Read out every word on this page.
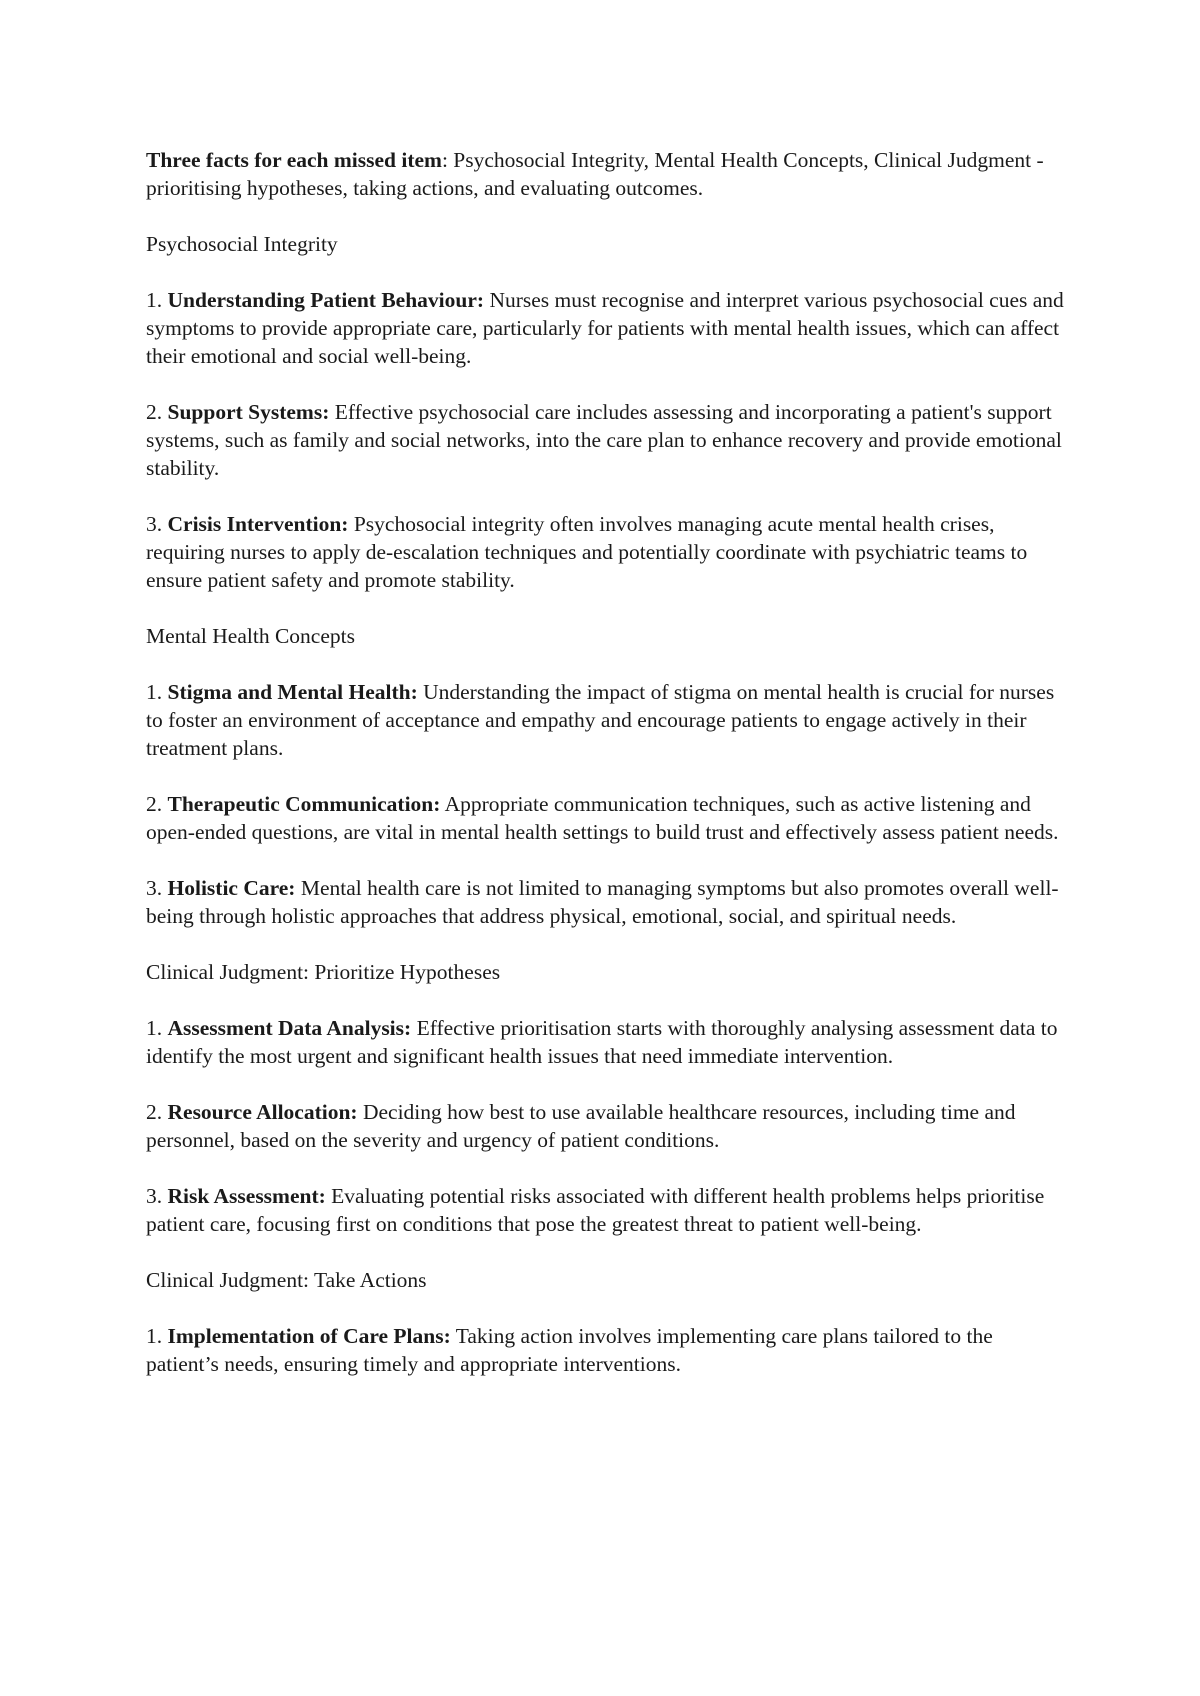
Three facts for each missed item: Psychosocial Integrity, Mental Health Concepts, Clinical Judgment - prioritising hypotheses, taking actions, and evaluating outcomes.

Psychosocial Integrity

1. Understanding Patient Behaviour: Nurses must recognise and interpret various psychosocial cues and symptoms to provide appropriate care, particularly for patients with mental health issues, which can affect their emotional and social well-being.

2. Support Systems: Effective psychosocial care includes assessing and incorporating a patient's support systems, such as family and social networks, into the care plan to enhance recovery and provide emotional stability.

3. Crisis Intervention: Psychosocial integrity often involves managing acute mental health crises, requiring nurses to apply de-escalation techniques and potentially coordinate with psychiatric teams to ensure patient safety and promote stability.

Mental Health Concepts

1. Stigma and Mental Health: Understanding the impact of stigma on mental health is crucial for nurses to foster an environment of acceptance and empathy and encourage patients to engage actively in their treatment plans.

2. Therapeutic Communication: Appropriate communication techniques, such as active listening and open-ended questions, are vital in mental health settings to build trust and effectively assess patient needs.

3. Holistic Care: Mental health care is not limited to managing symptoms but also promotes overall well-being through holistic approaches that address physical, emotional, social, and spiritual needs.

Clinical Judgment: Prioritize Hypotheses

1. Assessment Data Analysis: Effective prioritisation starts with thoroughly analysing assessment data to identify the most urgent and significant health issues that need immediate intervention.

2. Resource Allocation: Deciding how best to use available healthcare resources, including time and personnel, based on the severity and urgency of patient conditions.

3. Risk Assessment: Evaluating potential risks associated with different health problems helps prioritise patient care, focusing first on conditions that pose the greatest threat to patient well-being.

Clinical Judgment: Take Actions

1. Implementation of Care Plans: Taking action involves implementing care plans tailored to the patient’s needs, ensuring timely and appropriate interventions.
